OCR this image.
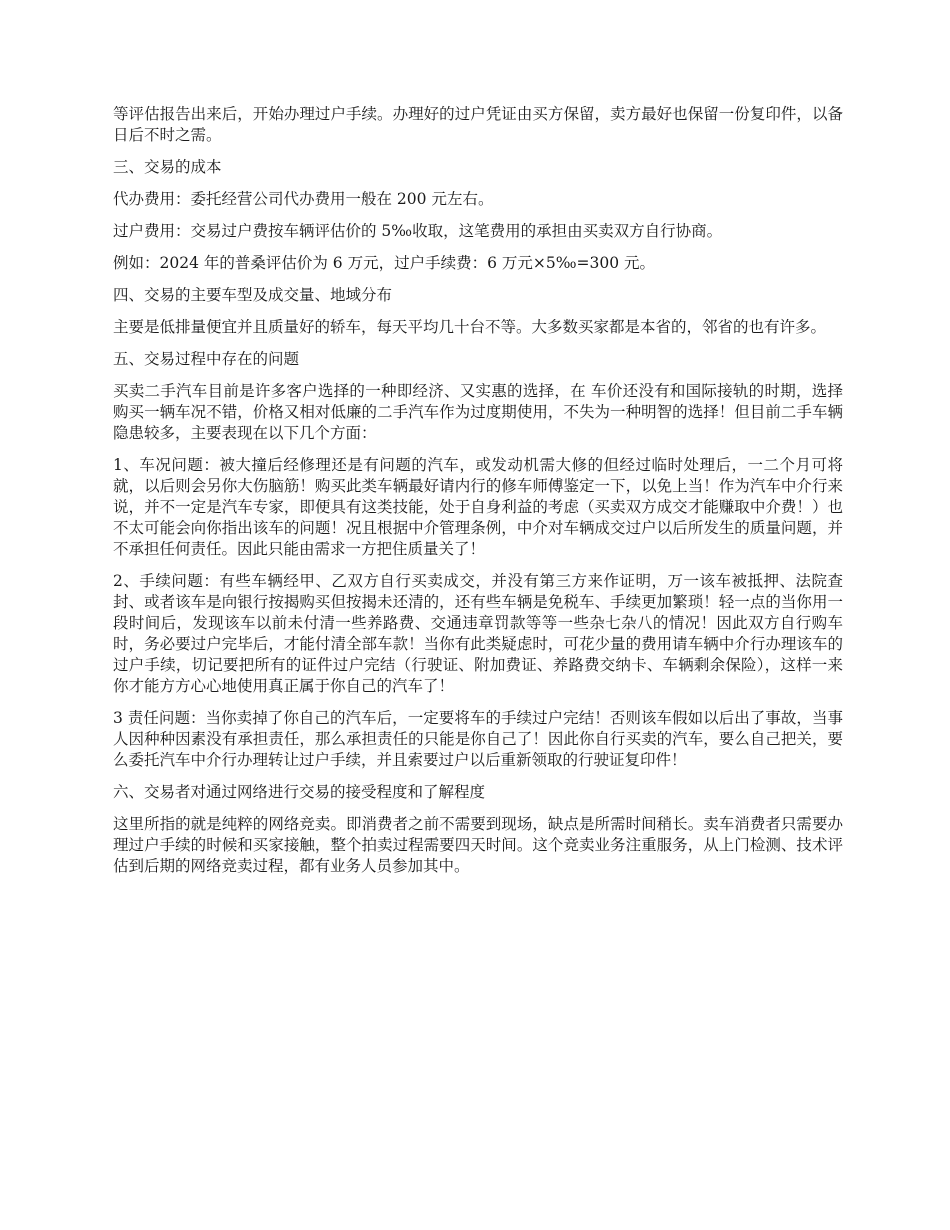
等评估报告出来后，开始办理过户手续。办理好的过户凭证由买方保留，卖方最好也保留一份复印件，以备日后不时之需。

三、交易的成本

代办费用：委托经营公司代办费用一般在 200 元左右。

过户费用：交易过户费按车辆评估价的 5‰收取，这笔费用的承担由买卖双方自行协商。

例如：2024 年的普桑评估价为 6 万元，过户手续费：6 万元×5‰=300 元。

四、交易的主要车型及成交量、地域分布

主要是低排量便宜并且质量好的轿车，每天平均几十台不等。大多数买家都是本省的，邻省的也有许多。

五、交易过程中存在的问题

买卖二手汽车目前是许多客户选择的一种即经济、又实惠的选择，在 车价还没有和国际接轨的时期，选择购买一辆车况不错，价格又相对低廉的二手汽车作为过度期使用，不失为一种明智的选择！但目前二手车辆隐患较多，主要表现在以下几个方面：

1、车况问题：被大撞后经修理还是有问题的汽车，或发动机需大修的但经过临时处理后，一二个月可将就，以后则会另你大伤脑筋！购买此类车辆最好请内行的修车师傅鉴定一下，以免上当！作为汽车中介行来说，并不一定是汽车专家，即便具有这类技能，处于自身利益的考虑（买卖双方成交才能赚取中介费！）也不太可能会向你指出该车的问题！况且根据中介管理条例，中介对车辆成交过户以后所发生的质量问题，并不承担任何责任。因此只能由需求一方把住质量关了！

2、手续问题：有些车辆经甲、乙双方自行买卖成交，并没有第三方来作证明，万一该车被抵押、法院查封、或者该车是向银行按揭购买但按揭未还清的，还有些车辆是免税车、手续更加繁琐！轻一点的当你用一段时间后，发现该车以前未付清一些养路费、交通违章罚款等等一些杂七杂八的情况！因此双方自行购车时，务必要过户完毕后，才能付清全部车款！当你有此类疑虑时，可花少量的费用请车辆中介行办理该车的过户手续，切记要把所有的证件过户完结（行驶证、附加费证、养路费交纳卡、车辆剩余保险），这样一来你才能方方心心地使用真正属于你自己的汽车了！

3 责任问题：当你卖掉了你自己的汽车后，一定要将车的手续过户完结！否则该车假如以后出了事故，当事人因种种因素没有承担责任，那么承担责任的只能是你自己了！因此你自行买卖的汽车，要么自己把关，要么委托汽车中介行办理转让过户手续，并且索要过户以后重新领取的行驶证复印件！

六、交易者对通过网络进行交易的接受程度和了解程度

这里所指的就是纯粹的网络竞卖。即消费者之前不需要到现场，缺点是所需时间稍长。卖车消费者只需要办理过户手续的时候和买家接触，整个拍卖过程需要四天时间。这个竞卖业务注重服务，从上门检测、技术评估到后期的网络竞卖过程，都有业务人员参加其中。
